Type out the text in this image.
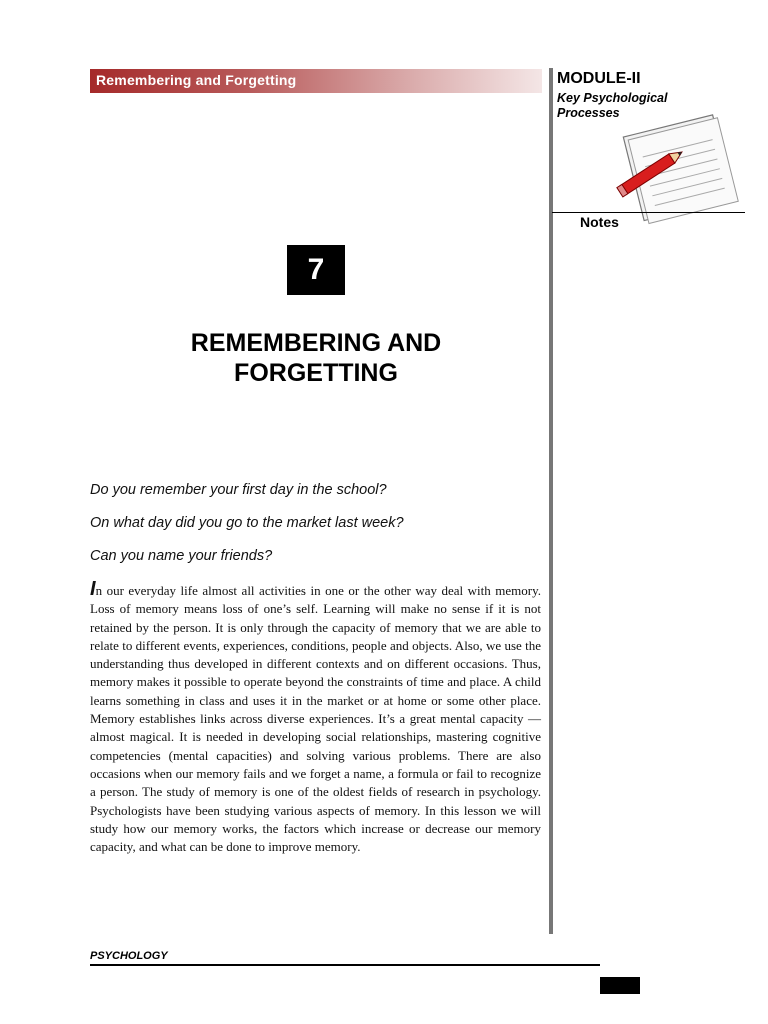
Remembering and Forgetting	MODULE-II
Key Psychological
Processes
Notes
7
REMEMBERING AND
FORGETTING
Do you remember your first day in the school?
On what day did you go to the market last week?
Can you name your friends?

In our everyday life almost all activities in one or the other way deal with memory. Loss of memory means loss of one’s self. Learning will make no sense if it is not retained by the person. It is only through the capacity of memory that we are able to relate to different events, experiences, conditions, people and objects. Also, we use the understanding thus developed in different contexts and on different occasions. Thus, memory makes it possible to operate beyond the constraints of time and place. A child learns something in class and uses it in the market or at home or some other place. Memory establishes links across diverse experiences. It’s a great mental capacity — almost magical. It is needed in developing social relationships, mastering cognitive competencies (mental capacities) and solving various problems. There are also occasions when our memory fails and we forget a name, a formula or fail to recognize a person. The study of memory is one of the oldest fields of research in psychology. Psychologists have been studying various aspects of memory. In this lesson we will study how our memory works, the factors which increase or decrease our memory capacity, and what can be done to improve memory.

PSYCHOLOGY
